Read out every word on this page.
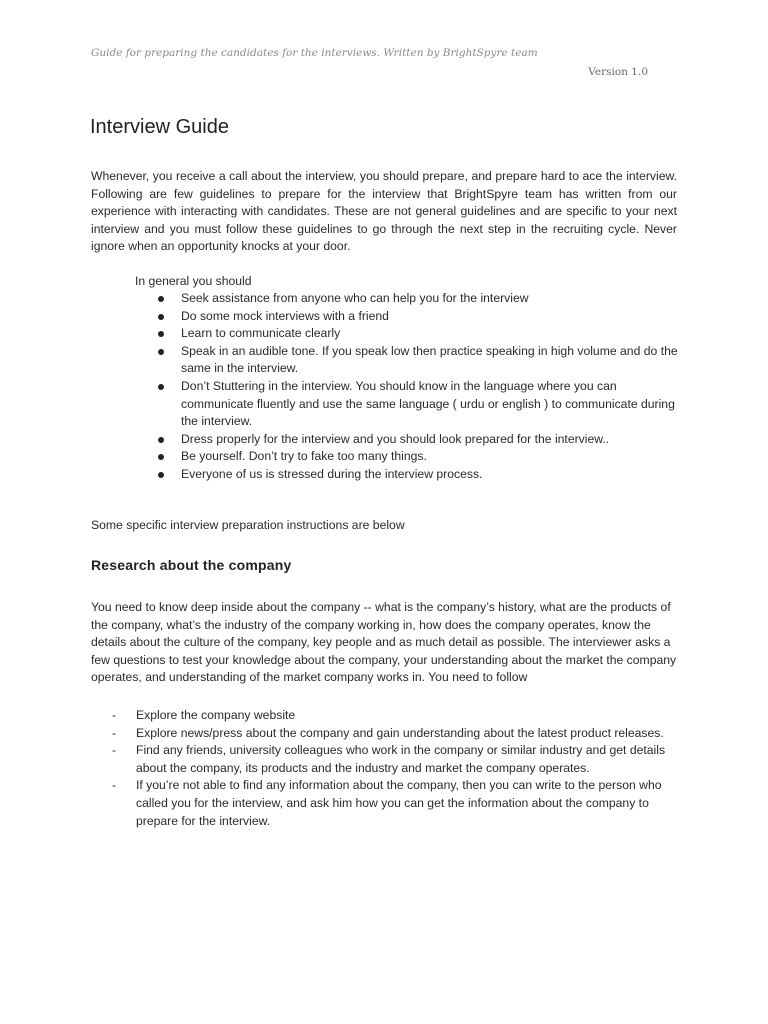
Guide for preparing the candidates for the interviews. Written by BrightSpyre team
Version 1.0
Interview Guide

Whenever, you receive a call about the interview, you should prepare, and prepare hard to ace the interview. Following are few guidelines to prepare for the interview that BrightSpyre team has written from our experience with interacting with candidates. These are not general guidelines and are specific to your next interview and you must follow these guidelines to go through the next step in the recruiting cycle. Never ignore when an opportunity knocks at your door.

In general you should
Seek assistance from anyone who can help you for the interview
Do some mock interviews with a friend
Learn to communicate clearly
Speak in an audible tone. If you speak low then practice speaking in high volume and do the same in the interview.
Don’t Stuttering in the interview. You should know in the language where you can communicate fluently and use the same language ( urdu or english ) to communicate during the interview.
Dress properly for the interview and you should look prepared for the interview..
Be yourself. Don’t try to fake too many things.
Everyone of us is stressed during the interview process.

Some specific interview preparation instructions are below

Research about the company

You need to know deep inside about the company -- what is the company’s history, what are the products of the company, what’s the industry of the company working in, how does the company operates, know the details about the culture of the company, key people and as much detail as possible. The interviewer asks a few questions to test your knowledge about the company, your understanding about the market the company operates, and understanding of the market company works in. You need to follow

- Explore the company website
- Explore news/press about the company and gain understanding about the latest product releases.
- Find any friends, university colleagues who work in the company or similar industry and get details about the company, its products and the industry and market the company operates.
- If you’re not able to find any information about the company, then you can write to the person who called you for the interview, and ask him how you can get the information about the company to prepare for the interview.
